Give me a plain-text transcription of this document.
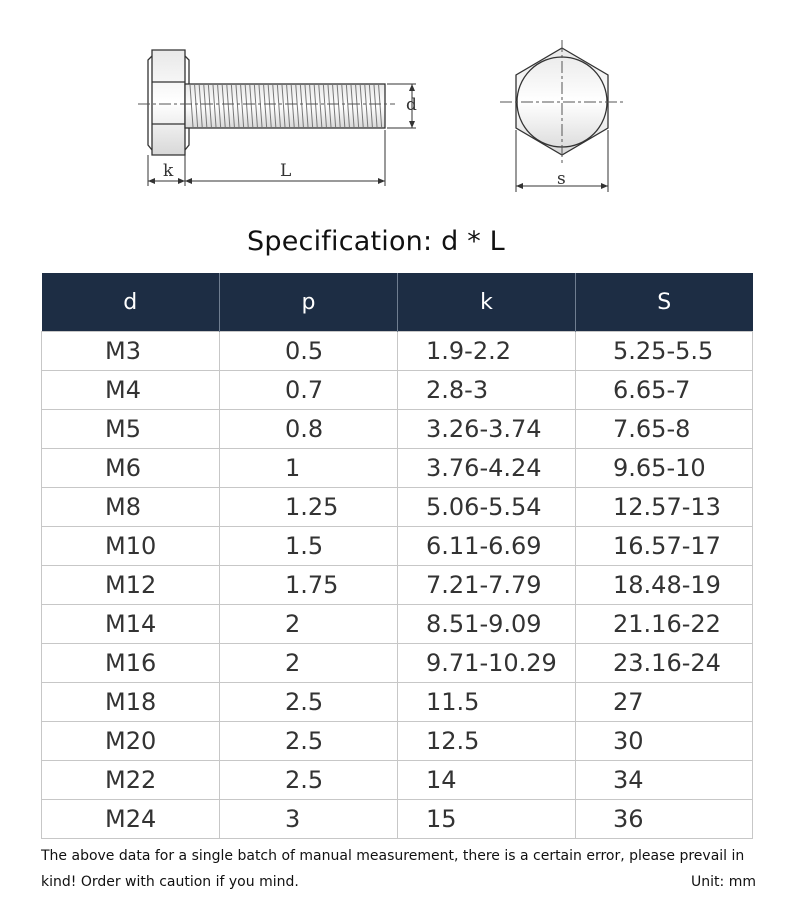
d
k	L	s
Specification: d * L
d	p	k	S
M3	0.5	1.9-2.2	5.25-5.5
M4	0.7	2.8-3	6.65-7
M5	0.8	3.26-3.74	7.65-8
M6	1	3.76-4.24	9.65-10
M8	1.25	5.06-5.54	12.57-13
M10	1.5	6.11-6.69	16.57-17
M12	1.75	7.21-7.79	18.48-19
M14	2	8.51-9.09	21.16-22
M16	2	9.71-10.29	23.16-24
M18	2.5	11.5	27
M20	2.5	12.5	30
M22	2.5	14	34
M24	3	15	36
The above data for a single batch of manual measurement, there is a certain error, please prevail in kind! Order with caution if you mind.	Unit: mm
